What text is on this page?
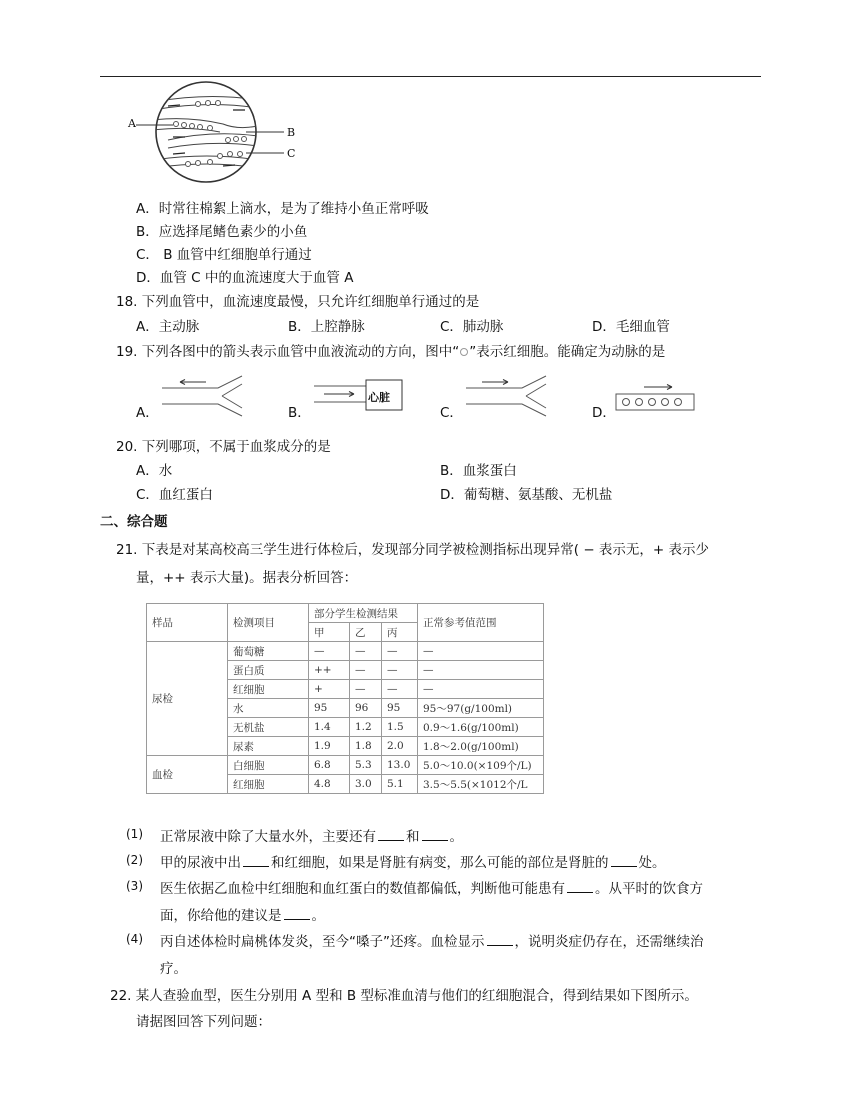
A
B
C
A．时常往棉絮上滴水，是为了维持小鱼正常呼吸
B．应选择尾鳍色素少的小鱼
C． B 血管中红细胞单行通过
D．血管 C 中的血流速度大于血管 A
18. 下列血管中，血流速度最慢，只允许红细胞单行通过的是
A．主动脉	B．上腔静脉	C．肺动脉	D．毛细血管
19. 下列各图中的箭头表示血管中血液流动的方向，图中“ ”表示红细胞。能确定为动脉的是
A．	B．
心脏
C．	D．
20. 下列哪项，不属于血浆成分的是
A．水	B．血浆蛋白
C．血红蛋白	D．葡萄糖、氨基酸、无机盐
二、综合题
21. 下表是对某高校高三学生进行体检后，发现部分同学被检测指标出现异常( − 表示无，+ 表示少
量，++ 表示大量)。据表分析回答：
样品	检测项目	部分学生检测结果			正常参考值范围
		甲	乙	丙	
尿检	葡萄糖	—	—	—	—
	蛋白质	++	—	—	—
	红细胞	+	—	—	—
	水	95	96	95	95～97(g/100ml)
	无机盐	1.4	1.2	1.5	0.9～1.6(g/100ml)
	尿素	1.9	1.8	2.0	1.8～2.0(g/100ml)
血检	白细胞	6.8	5.3	13.0	5.0～10.0(×109个/L)
	红细胞	4.8	3.0	5.1	3.5～5.5(×1012个/L
(1) 正常尿液中除了大量水外，主要还有 和 。
(2) 甲的尿液中出 和红细胞，如果是肾脏有病变，那么可能的部位是肾脏的 处。
(3) 医生依据乙血检中红细胞和血红蛋白的数值都偏低，判断他可能患有 。从平时的饮食方
面，你给他的建议是 。
(4) 丙自述体检时扁桃体发炎，至今“嗓子”还疼。血检显示 ，说明炎症仍存在，还需继续治
疗。
22. 某人查验血型，医生分别用 A 型和 B 型标准血清与他们的红细胞混合，得到结果如下图所示。
请据图回答下列问题：
